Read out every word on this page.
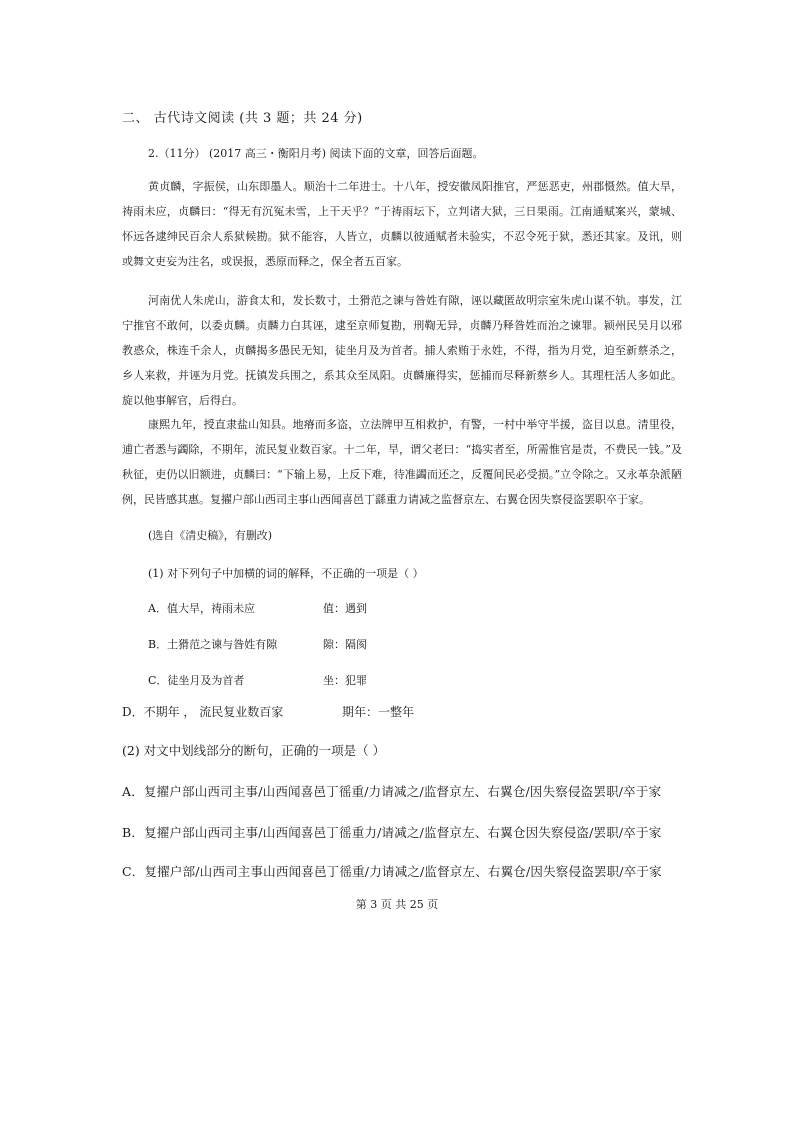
二、 古代诗文阅读 (共 3 题；共 24 分)
2.（11分） (2017 高三・衡阳月考) 阅读下面的文章，回答后面题。
黄贞麟，字振侯，山东即墨人。顺治十二年进士。十八年，授安徽凤阳推官，严惩恶吏，州郡慑然。值大旱，祷雨未应，贞麟曰：“得无有沉冤未雪，上干天乎？”于祷雨坛下，立判诸大狱，三日果雨。江南通赋案兴，蒙城、怀远各逮绅民百余人系狱候勘。狱不能容，人皆立，贞麟以彼通赋者未验实，不忍令死于狱，悉还其家。及讯，则或舞文吏妄为注名，或误报，悉原而释之，保全者五百家。
河南优人朱虎山，游食太和，发长数寸，土猾范之谏与昝姓有隙，诬以藏匿故明宗室朱虎山谋不轨。事发，江宁推官不敢何，以委贞麟。贞麟力白其诬，逮至京师复勘，刑鞫无异，贞麟乃释昝姓而治之谏罪。颍州民吴月以邪教惑众，株连千余人，贞麟揭多愚民无知，徒坐月及为首者。捕人索贿于永姓，不得，指为月党，迫至新蔡杀之，乡人来救，并诬为月党。抚镇发兵围之，系其众至凤阳。贞麟廉得实，惩捕而尽释新蔡乡人。其理枉活人多如此。旋以他事解官，后得白。
康熙九年，授直隶盐山知县。地瘠而多盗，立法牌甲互相救护，有警，一村中举守半援，盗目以息。清里役，逋亡者悉与蠲除，不期年，流民复业数百家。十二年，旱，谓父老曰：“捣实者至，所需惟官是责，不费民一钱。”及秋征，吏仍以旧额进，贞麟曰：“下输上易，上反下难，待准蠲而还之，反覆间民必受损。”立令除之。又永革杂派陋例，民皆感其惠。复擢户部山西司主事山西闻喜邑丁繇重力请减之监督京左、右翼仓因失察侵盗罢职卒于家。
(选自《清史稿》，有删改)
(1) 对下列句子中加横的词的解释，不正确的一项是（ ）
A．值大旱，祷雨未应	值：遇到
B．土猾范之谏与昝姓有隙	隙：隔阂
C．徒坐月及为首者	坐：犯罪
D．不期年 ， 流民复业数百家	期年：一整年
(2) 对文中划线部分的断句，正确的一项是（ ）
A．复擢户部山西司主事/山西闻喜邑丁徭重/力请减之/监督京左、右翼仓/因失察侵盗罢职/卒于家
B．复擢户部山西司主事/山西闻喜邑丁徭重力/请减之/监督京左、右翼仓因失察侵盗/罢职/卒于家
C．复擢户部/山西司主事山西闻喜邑丁徭重/力请减之/监督京左、右翼仓/因失察侵盗罢职/卒于家
第 3 页 共 25 页
